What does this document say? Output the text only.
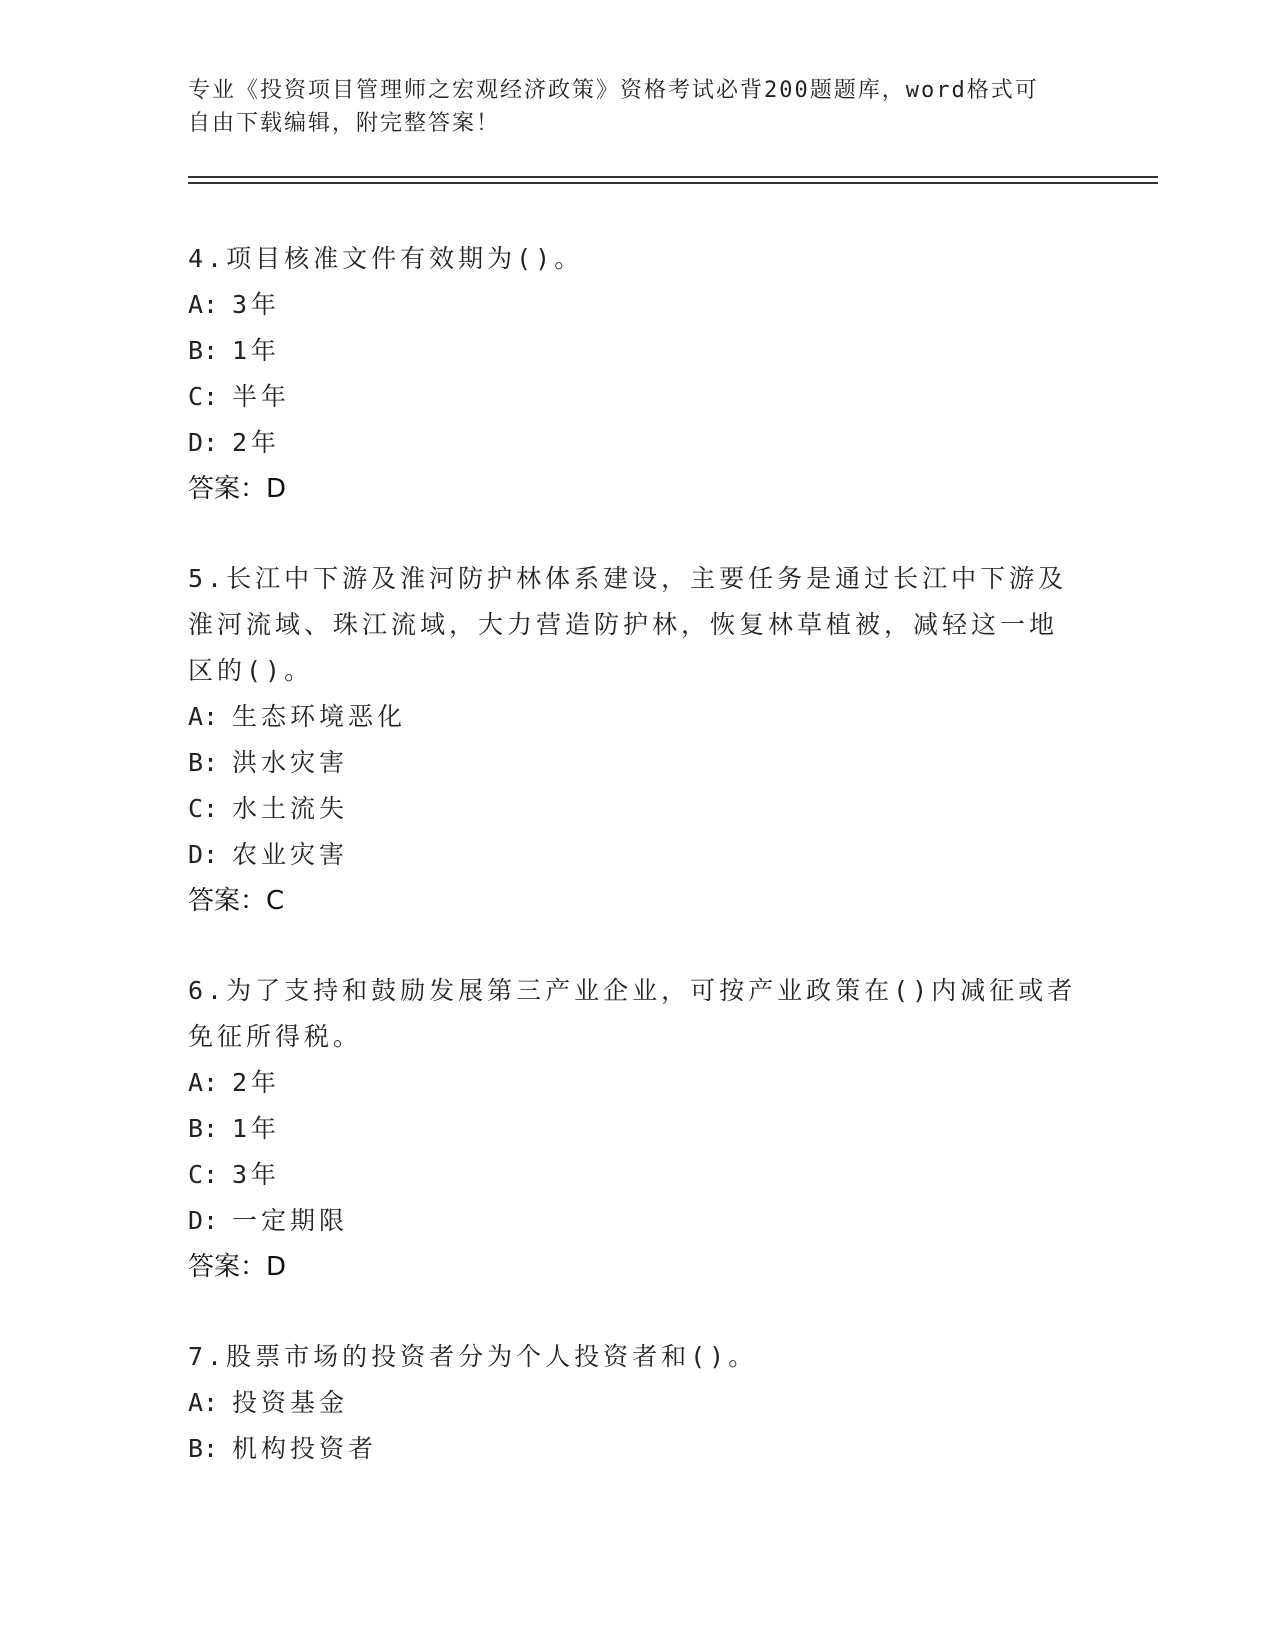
专业《投资项目管理师之宏观经济政策》资格考试必背200题题库，word格式可
自由下载编辑，附完整答案！
4.项目核准文件有效期为()。
A: 3年
B: 1年
C: 半年
D: 2年
答案：D
5.长江中下游及淮河防护林体系建设，主要任务是通过长江中下游及
淮河流域、珠江流域，大力营造防护林，恢复林草植被，减轻这一地
区的()。
A: 生态环境恶化
B: 洪水灾害
C: 水土流失
D: 农业灾害
答案：C
6.为了支持和鼓励发展第三产业企业，可按产业政策在()内减征或者
免征所得税。
A: 2年
B: 1年
C: 3年
D: 一定期限
答案：D
7.股票市场的投资者分为个人投资者和()。
A: 投资基金
B: 机构投资者
